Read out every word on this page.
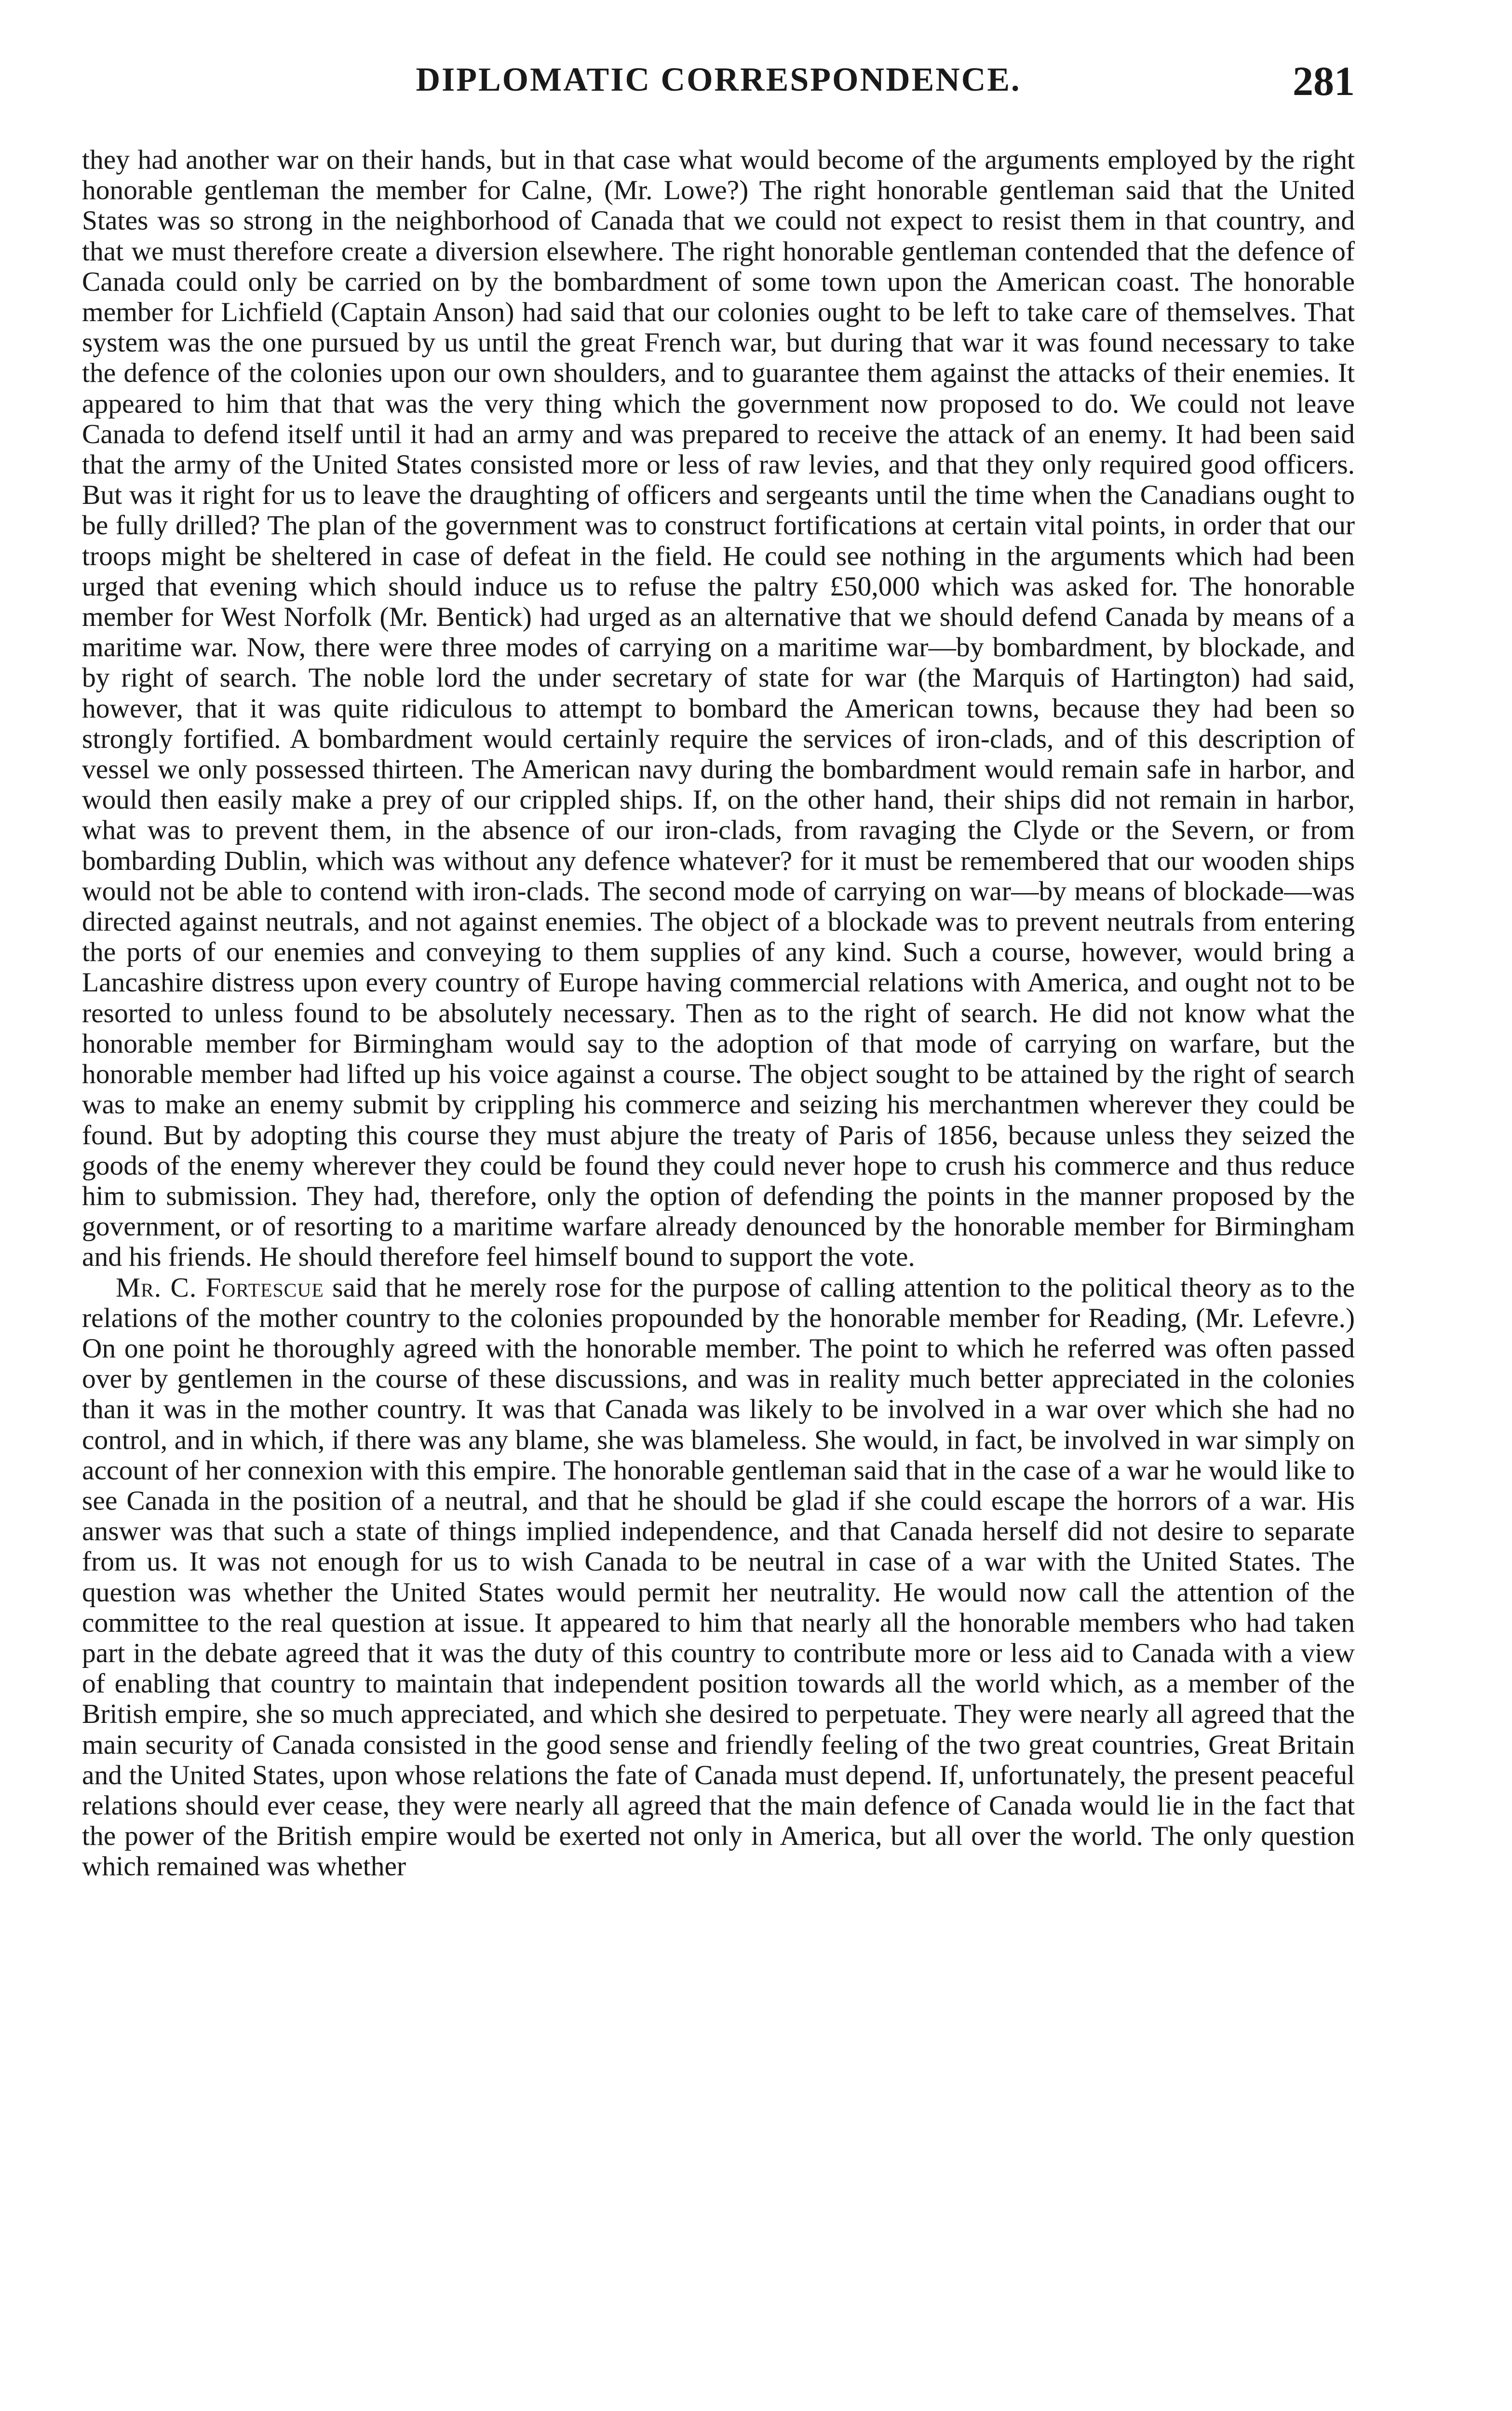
DIPLOMATIC CORRESPONDENCE.	281

they had another war on their hands, but in that case what would become of the arguments employed by the right honorable gentleman the member for Calne, (Mr. Lowe?) The right honorable gentleman said that the United States was so strong in the neighborhood of Canada that we could not expect to resist them in that country, and that we must therefore create a diversion elsewhere. The right honorable gentleman contended that the defence of Canada could only be carried on by the bombardment of some town upon the American coast. The honorable member for Lichfield (Captain Anson) had said that our colonies ought to be left to take care of themselves. That system was the one pursued by us until the great French war, but during that war it was found necessary to take the defence of the colonies upon our own shoulders, and to guarantee them against the attacks of their enemies. It appeared to him that that was the very thing which the government now proposed to do. We could not leave Canada to defend itself until it had an army and was prepared to receive the attack of an enemy. It had been said that the army of the United States consisted more or less of raw levies, and that they only required good officers. But was it right for us to leave the draughting of officers and sergeants until the time when the Canadians ought to be fully drilled? The plan of the government was to construct fortifications at certain vital points, in order that our troops might be sheltered in case of defeat in the field. He could see nothing in the arguments which had been urged that evening which should induce us to refuse the paltry £50,000 which was asked for. The honorable member for West Norfolk (Mr. Bentick) had urged as an alternative that we should defend Canada by means of a maritime war. Now, there were three modes of carrying on a maritime war—by bombardment, by blockade, and by right of search. The noble lord the under secretary of state for war (the Marquis of Hartington) had said, however, that it was quite ridiculous to attempt to bombard the American towns, because they had been so strongly fortified. A bombardment would certainly require the services of iron-clads, and of this description of vessel we only possessed thirteen. The American navy during the bombardment would remain safe in harbor, and would then easily make a prey of our crippled ships. If, on the other hand, their ships did not remain in harbor, what was to prevent them, in the absence of our iron-clads, from ravaging the Clyde or the Severn, or from bombarding Dublin, which was without any defence whatever? for it must be remembered that our wooden ships would not be able to contend with iron-clads. The second mode of carrying on war—by means of blockade—was directed against neutrals, and not against enemies. The object of a blockade was to prevent neutrals from entering the ports of our enemies and conveying to them supplies of any kind. Such a course, however, would bring a Lancashire distress upon every country of Europe having commercial relations with America, and ought not to be resorted to unless found to be absolutely necessary. Then as to the right of search. He did not know what the honorable member for Birmingham would say to the adoption of that mode of carrying on warfare, but the honorable member had lifted up his voice against a course. The object sought to be attained by the right of search was to make an enemy submit by crippling his commerce and seizing his merchantmen wherever they could be found. But by adopting this course they must abjure the treaty of Paris of 1856, because unless they seized the goods of the enemy wherever they could be found they could never hope to crush his commerce and thus reduce him to submission. They had, therefore, only the option of defending the points in the manner proposed by the government, or of resorting to a maritime warfare already denounced by the honorable member for Birmingham and his friends. He should therefore feel himself bound to support the vote.

Mr. C. Fortescue said that he merely rose for the purpose of calling attention to the political theory as to the relations of the mother country to the colonies propounded by the honorable member for Reading, (Mr. Lefevre.) On one point he thoroughly agreed with the honorable member. The point to which he referred was often passed over by gentlemen in the course of these discussions, and was in reality much better appreciated in the colonies than it was in the mother country. It was that Canada was likely to be involved in a war over which she had no control, and in which, if there was any blame, she was blameless. She would, in fact, be involved in war simply on account of her connexion with this empire. The honorable gentleman said that in the case of a war he would like to see Canada in the position of a neutral, and that he should be glad if she could escape the horrors of a war. His answer was that such a state of things implied independence, and that Canada herself did not desire to separate from us. It was not enough for us to wish Canada to be neutral in case of a war with the United States. The question was whether the United States would permit her neutrality. He would now call the attention of the committee to the real question at issue. It appeared to him that nearly all the honorable members who had taken part in the debate agreed that it was the duty of this country to contribute more or less aid to Canada with a view of enabling that country to maintain that independent position towards all the world which, as a member of the British empire, she so much appreciated, and which she desired to perpetuate. They were nearly all agreed that the main security of Canada consisted in the good sense and friendly feeling of the two great countries, Great Britain and the United States, upon whose relations the fate of Canada must depend. If, unfortunately, the present peaceful relations should ever cease, they were nearly all agreed that the main defence of Canada would lie in the fact that the power of the British empire would be exerted not only in America, but all over the world. The only question which remained was whether
